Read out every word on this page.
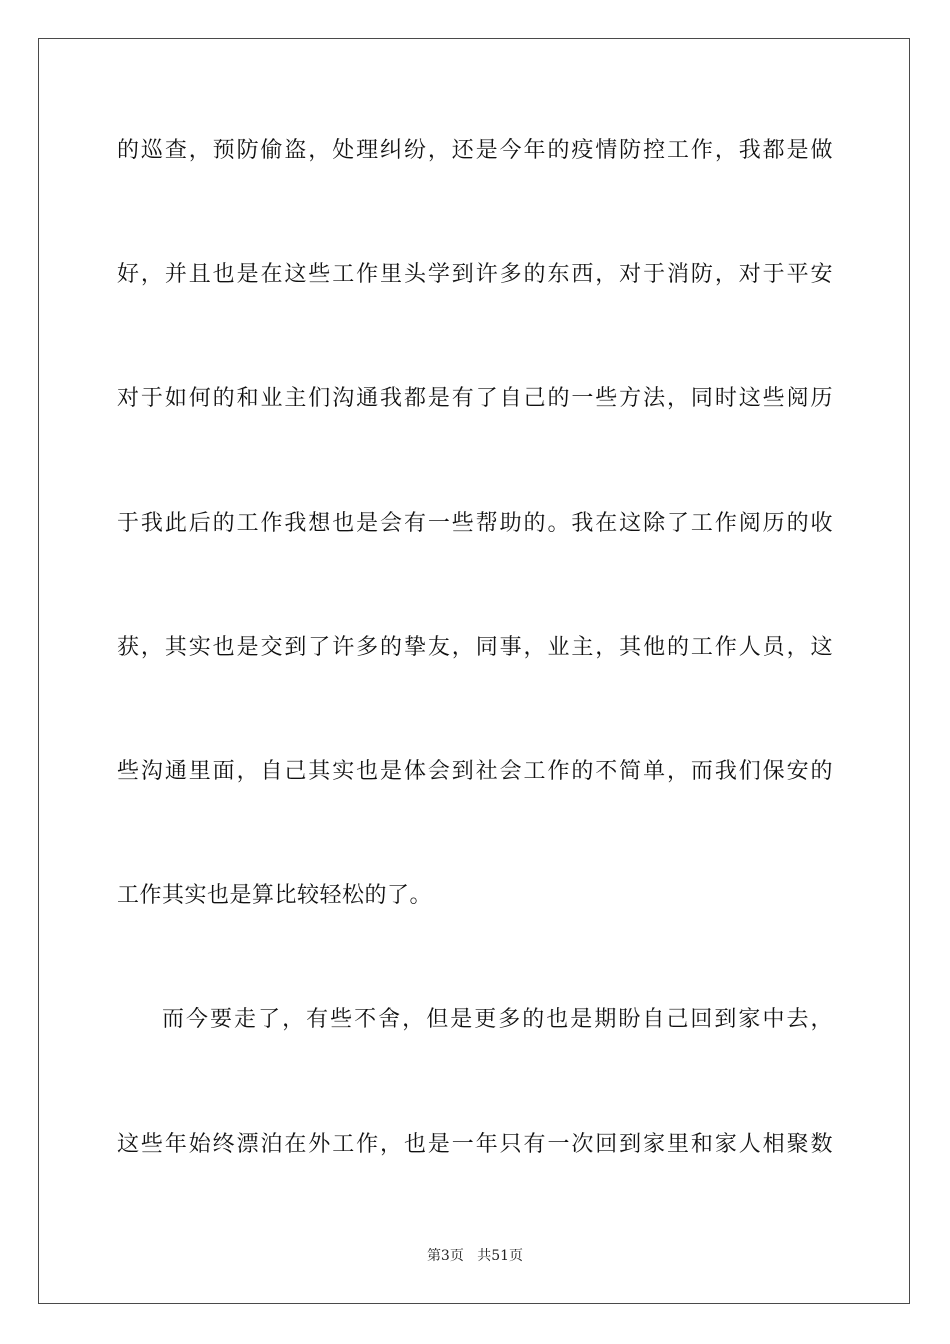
的巡查，预防偷盗，处理纠纷，还是今年的疫情防控工作，我都是做
好，并且也是在这些工作里头学到许多的东西，对于消防，对于平安
对于如何的和业主们沟通我都是有了自己的一些方法，同时这些阅历
于我此后的工作我想也是会有一些帮助的。我在这除了工作阅历的收
获，其实也是交到了许多的挚友，同事，业主，其他的工作人员，这
些沟通里面，自己其实也是体会到社会工作的不简单，而我们保安的
工作其实也是算比较轻松的了。
而今要走了，有些不舍，但是更多的也是期盼自己回到家中去，
这些年始终漂泊在外工作，也是一年只有一次回到家里和家人相聚数
第3页 共51页
